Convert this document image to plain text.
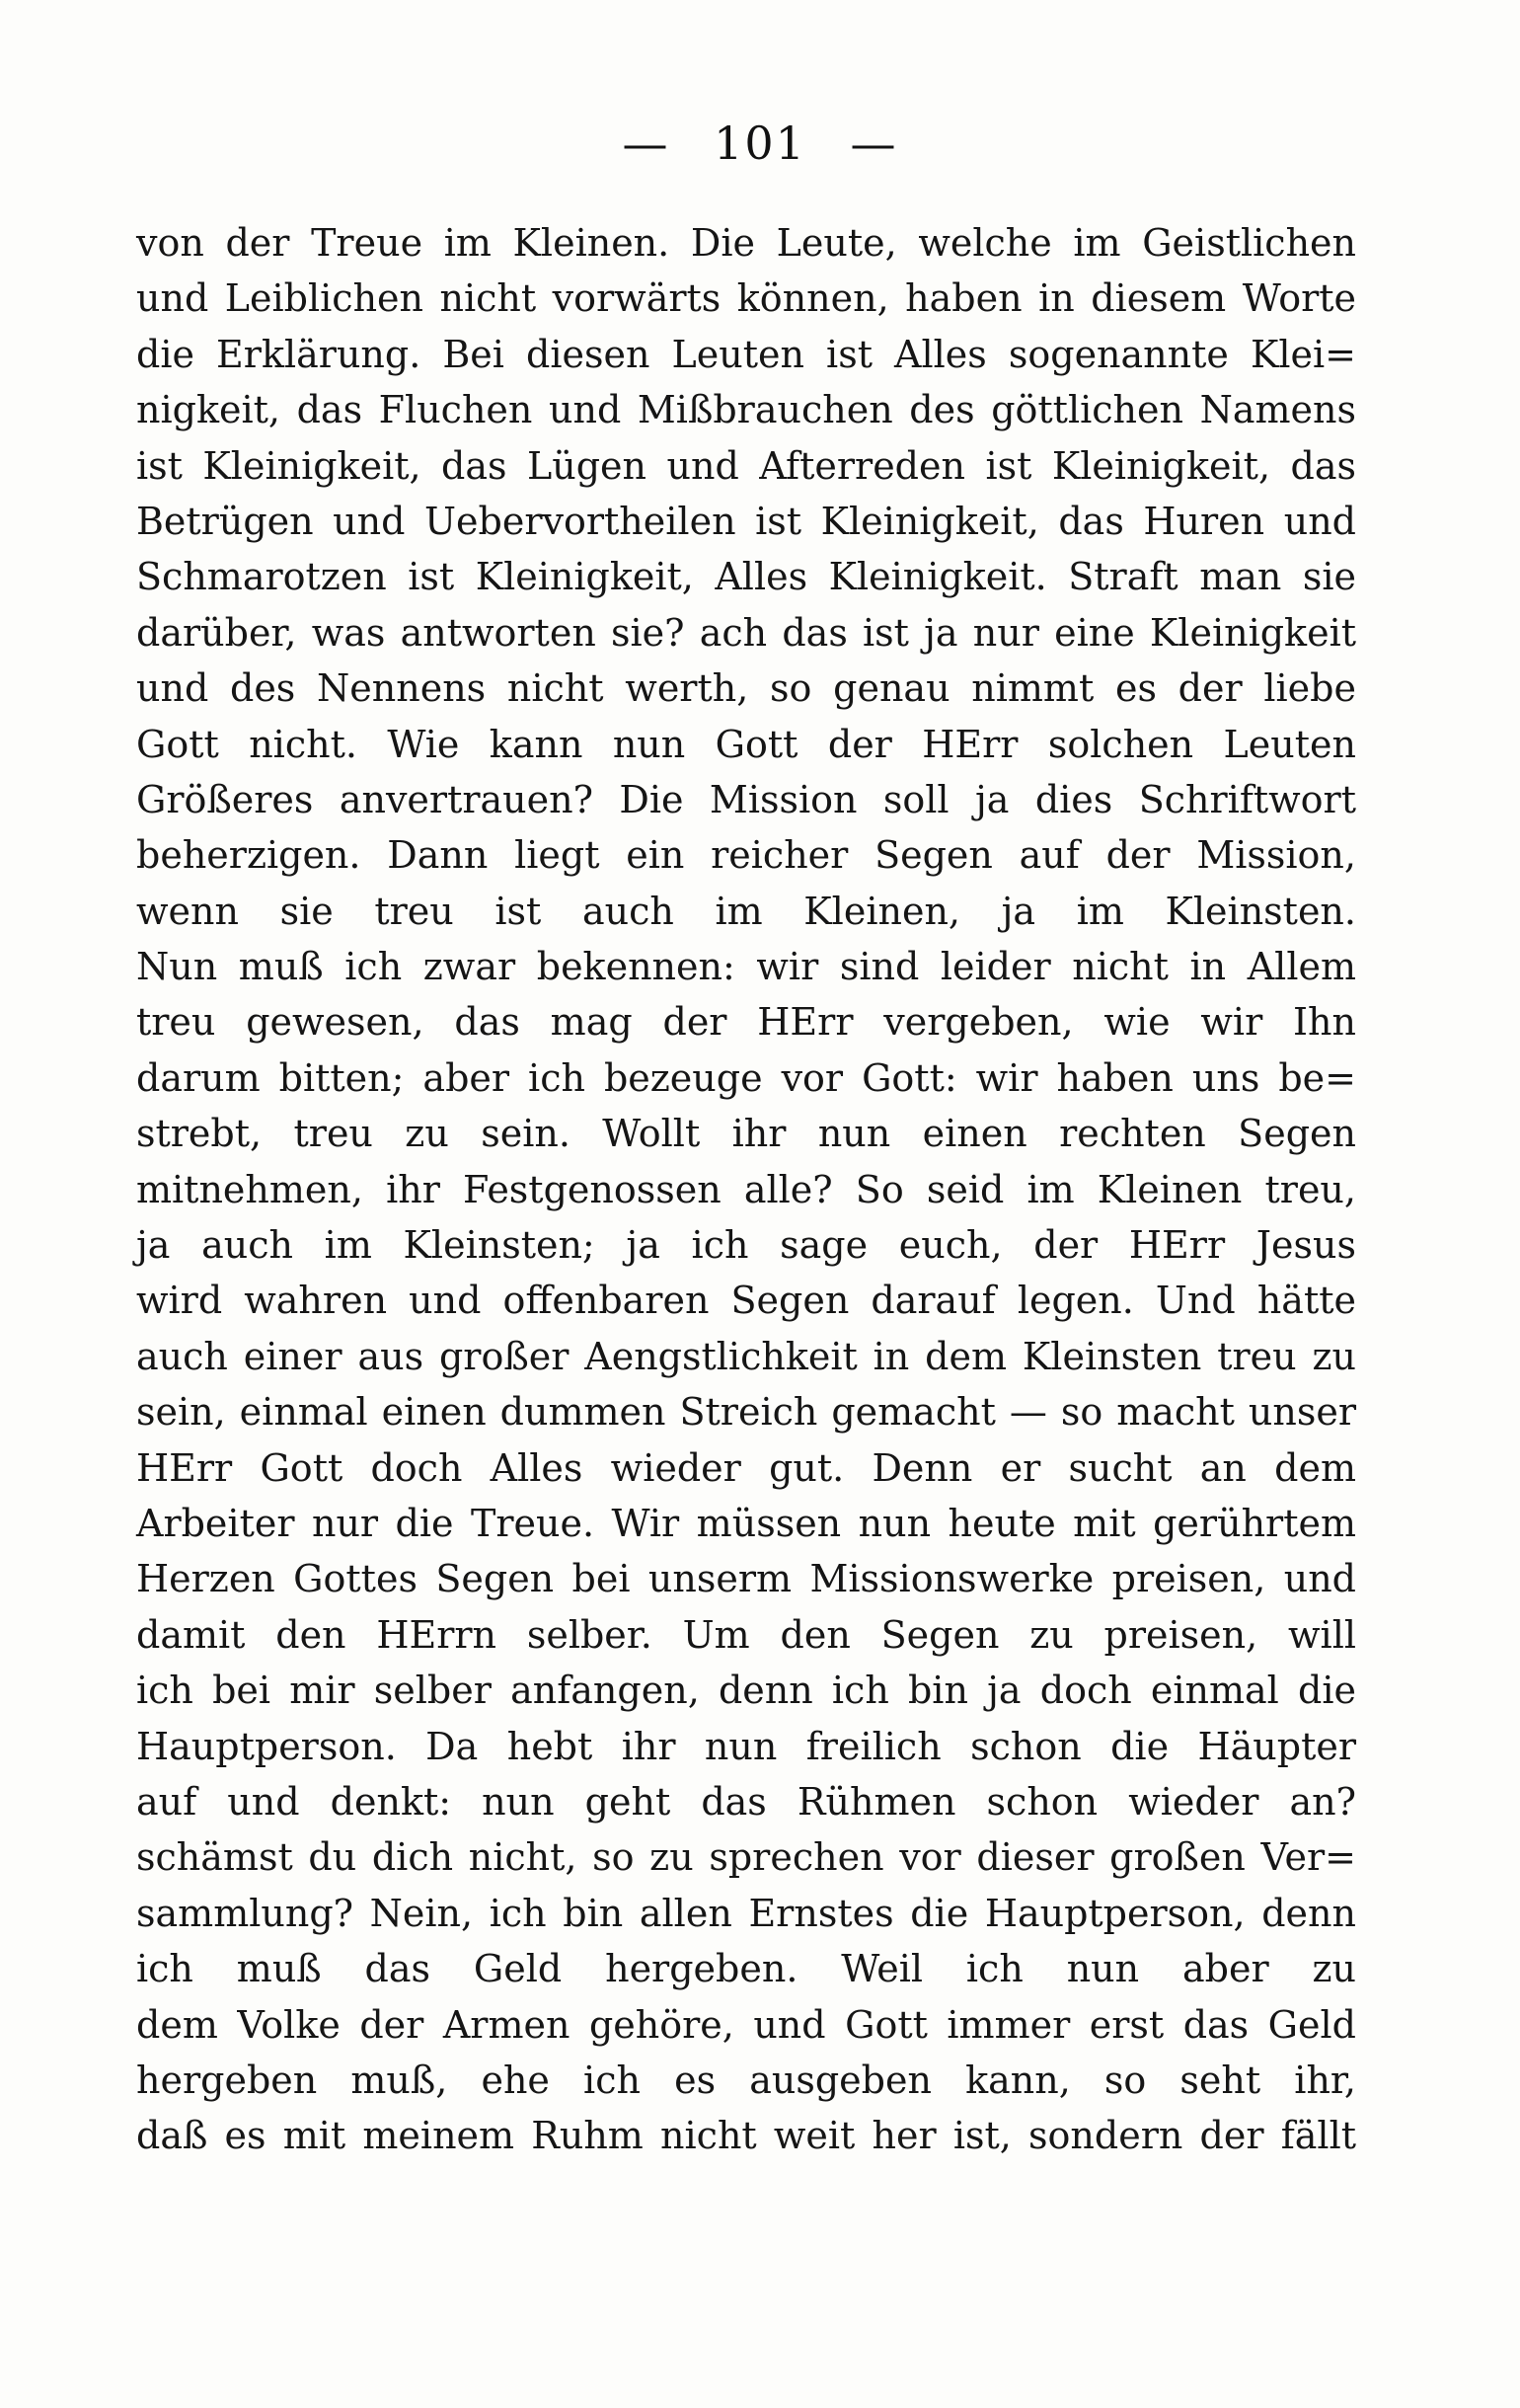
— 101 —
von der Treue im Kleinen. Die Leute, welche im Geistlichen
und Leiblichen nicht vorwärts können, haben in diesem Worte
die Erklärung. Bei diesen Leuten ist Alles sogenannte Klei=
nigkeit, das Fluchen und Mißbrauchen des göttlichen Namens
ist Kleinigkeit, das Lügen und Afterreden ist Kleinigkeit, das
Betrügen und Uebervortheilen ist Kleinigkeit, das Huren und
Schmarotzen ist Kleinigkeit, Alles Kleinigkeit. Straft man sie
darüber, was antworten sie? ach das ist ja nur eine Kleinigkeit
und des Nennens nicht werth, so genau nimmt es der liebe
Gott nicht. Wie kann nun Gott der HErr solchen Leuten
Größeres anvertrauen? Die Mission soll ja dies Schriftwort
beherzigen. Dann liegt ein reicher Segen auf der Mission,
wenn sie treu ist auch im Kleinen, ja im Kleinsten.
Nun muß ich zwar bekennen: wir sind leider nicht in Allem
treu gewesen, das mag der HErr vergeben, wie wir Ihn
darum bitten; aber ich bezeuge vor Gott: wir haben uns be=
strebt, treu zu sein. Wollt ihr nun einen rechten Segen
mitnehmen, ihr Festgenossen alle? So seid im Kleinen treu,
ja auch im Kleinsten; ja ich sage euch, der HErr Jesus
wird wahren und offenbaren Segen darauf legen. Und hätte
auch einer aus großer Aengstlichkeit in dem Kleinsten treu zu
sein, einmal einen dummen Streich gemacht — so macht unser
HErr Gott doch Alles wieder gut. Denn er sucht an dem
Arbeiter nur die Treue. Wir müssen nun heute mit gerührtem
Herzen Gottes Segen bei unserm Missionswerke preisen, und
damit den HErrn selber. Um den Segen zu preisen, will
ich bei mir selber anfangen, denn ich bin ja doch einmal die
Hauptperson. Da hebt ihr nun freilich schon die Häupter
auf und denkt: nun geht das Rühmen schon wieder an?
schämst du dich nicht, so zu sprechen vor dieser großen Ver=
sammlung? Nein, ich bin allen Ernstes die Hauptperson, denn
ich muß das Geld hergeben. Weil ich nun aber zu
dem Volke der Armen gehöre, und Gott immer erst das Geld
hergeben muß, ehe ich es ausgeben kann, so seht ihr,
daß es mit meinem Ruhm nicht weit her ist, sondern der fällt
